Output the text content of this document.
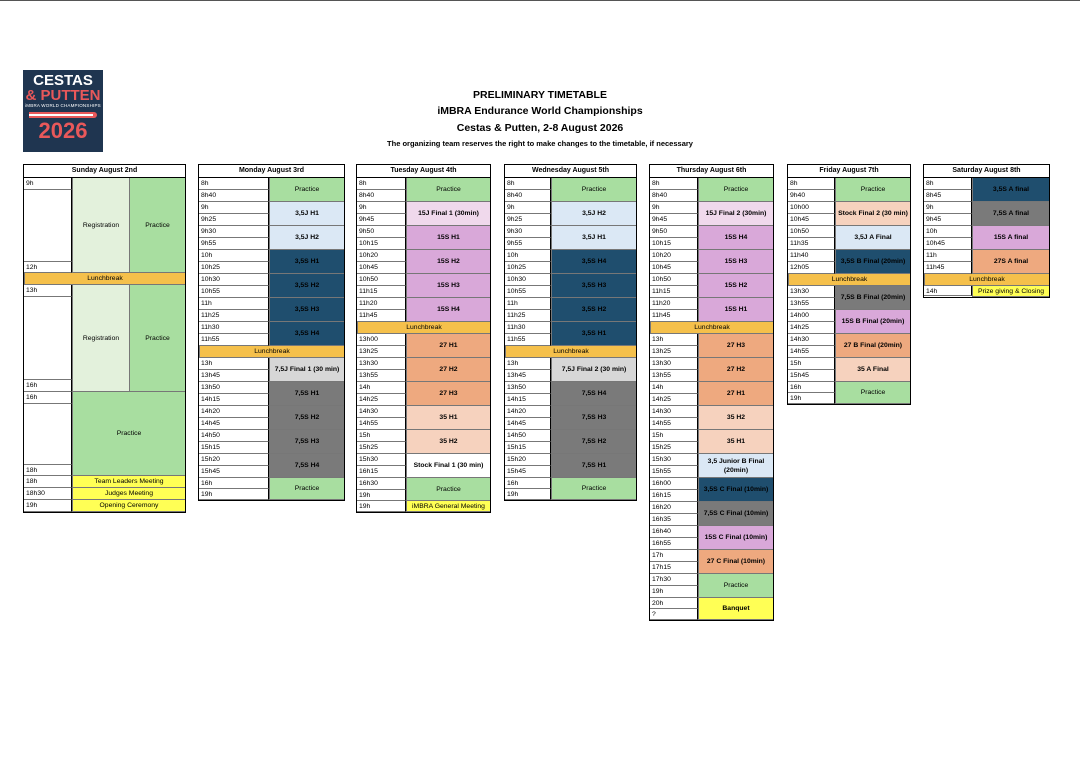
CESTAS
& PUTTEN
iMBRA WORLD CHAMPIONSHIPS
2026
PRELIMINARY TIMETABLE
iMBRA Endurance World Championships
Cestas & Putten, 2-8 August 2026
The organizing team reserves the right to make changes to the timetable, if necessary
Sunday August 2nd
9h
12h
13h
16h
16h
18h
18h
18h30
19h
Registration	Practice
Lunchbreak
Registration	Practice
Practice
Team Leaders Meeting
Judges Meeting
Opening Ceremony
Monday August 3rd
8h
8h40
9h
9h25
9h30
9h55
10h
10h25
10h30
10h55
11h
11h25
11h30
11h55
13h
13h45
13h50
14h15
14h20
14h45
14h50
15h15
15h20
15h45
16h
19h
Practice
3,5J H1
3,5J H2
3,5S H1
3,5S H2
3,5S H3
3,5S H4
Lunchbreak
7,5J Final 1 (30 min)
7,5S H1
7,5S H2
7,5S H3
7,5S H4
Practice
Tuesday August 4th
8h
8h40
9h
9h45
9h50
10h15
10h20
10h45
10h50
11h15
11h20
11h45
13h00
13h25
13h30
13h55
14h
14h25
14h30
14h55
15h
15h25
15h30
16h15
16h30
19h
19h
Practice
15J Final 1 (30min)
15S H1
15S H2
15S H3
15S H4
Lunchbreak
27 H1
27 H2
27 H3
35 H1
35 H2
Stock Final 1 (30 min)
Practice
iMBRA General Meeting
Wednesday August 5th
8h
8h40
9h
9h25
9h30
9h55
10h
10h25
10h30
10h55
11h
11h25
11h30
11h55
13h
13h45
13h50
14h15
14h20
14h45
14h50
15h15
15h20
15h45
16h
19h
Practice
3,5J H2
3,5J H1
3,5S H4
3,5S H3
3,5S H2
3,5S H1
Lunchbreak
7,5J Final 2 (30 min)
7,5S H4
7,5S H3
7,5S H2
7,5S H1
Practice
Thursday August 6th
8h
8h40
9h
9h45
9h50
10h15
10h20
10h45
10h50
11h15
11h20
11h45
13h
13h25
13h30
13h55
14h
14h25
14h30
14h55
15h
15h25
15h30
15h55
16h00
16h15
16h20
16h35
16h40
16h55
17h
17h15
17h30
19h
20h
?
Practice
15J Final 2 (30min)
15S H4
15S H3
15S H2
15S H1
Lunchbreak
27 H3
27 H2
27 H1
35 H2
35 H1
3,5 Junior B Final (20min)
3,5S C Final (10min)
7,5S C Final (10min)
15S C Final (10min)
27 C Final (10min)
Practice
Banquet
Friday August 7th
8h
9h40
10h00
10h45
10h50
11h35
11h40
12h05
13h30
13h55
14h00
14h25
14h30
14h55
15h
15h45
16h
19h
Practice
Stock Final 2 (30 min)
3,5J A Final
3,5S B Final (20min)
Lunchbreak
7,5S B Final (20min)
15S B Final (20min)
27 B Final (20min)
35 A Final
Practice
Saturday August 8th
8h
8h45
9h
9h45
10h
10h45
11h
11h45
14h
3,5S A final
7,5S A final
15S A final
27S A final
Lunchbreak
Prize giving & Closing
